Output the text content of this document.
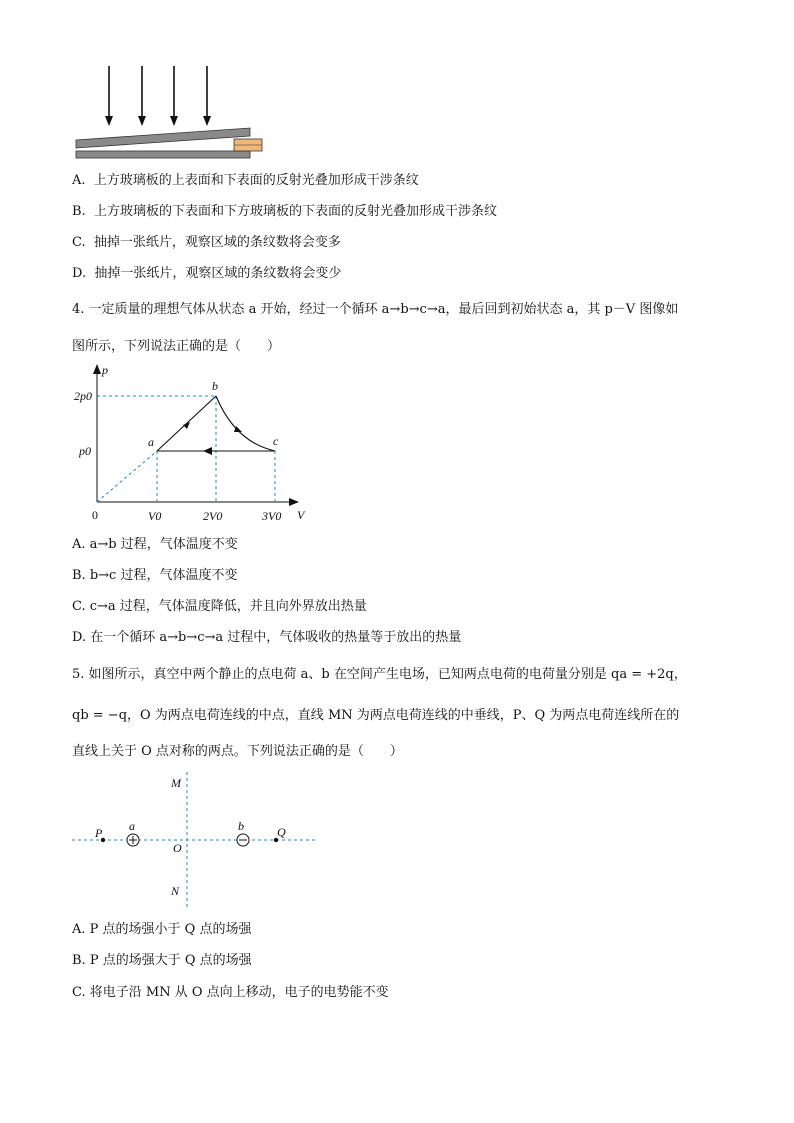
A.  上方玻璃板的上表面和下表面的反射光叠加形成干涉条纹
B.  上方玻璃板的下表面和下方玻璃板的下表面的反射光叠加形成干涉条纹
C.  抽掉一张纸片，观察区域的条纹数将会变多
D.  抽掉一张纸片，观察区域的条纹数将会变少
4. 一定质量的理想气体从状态 a 开始，经过一个循环 a→b→c→a，最后回到初始状态 a，其 p－V 图像如
图所示，下列说法正确的是（　　）
p
V
0
2p0
p0
V0	2V0	3V0
a
b
c
A. a→b 过程，气体温度不变
B. b→c 过程，气体温度不变
C. c→a 过程，气体温度降低，并且向外界放出热量
D. 在一个循环 a→b→c→a 过程中，气体吸收的热量等于放出的热量
5. 如图所示，真空中两个静止的点电荷 a、b 在空间产生电场，已知两点电荷的电荷量分别是 qa = +2q，
qb = −q，O 为两点电荷连线的中点，直线 MN 为两点电荷连线的中垂线，P、Q 为两点电荷连线所在的
直线上关于 O 点对称的两点。下列说法正确的是（　　）
M
N
O
P	Q
a	b
A. P 点的场强小于 Q 点的场强
B. P 点的场强大于 Q 点的场强
C. 将电子沿 MN 从 O 点向上移动，电子的电势能不变
